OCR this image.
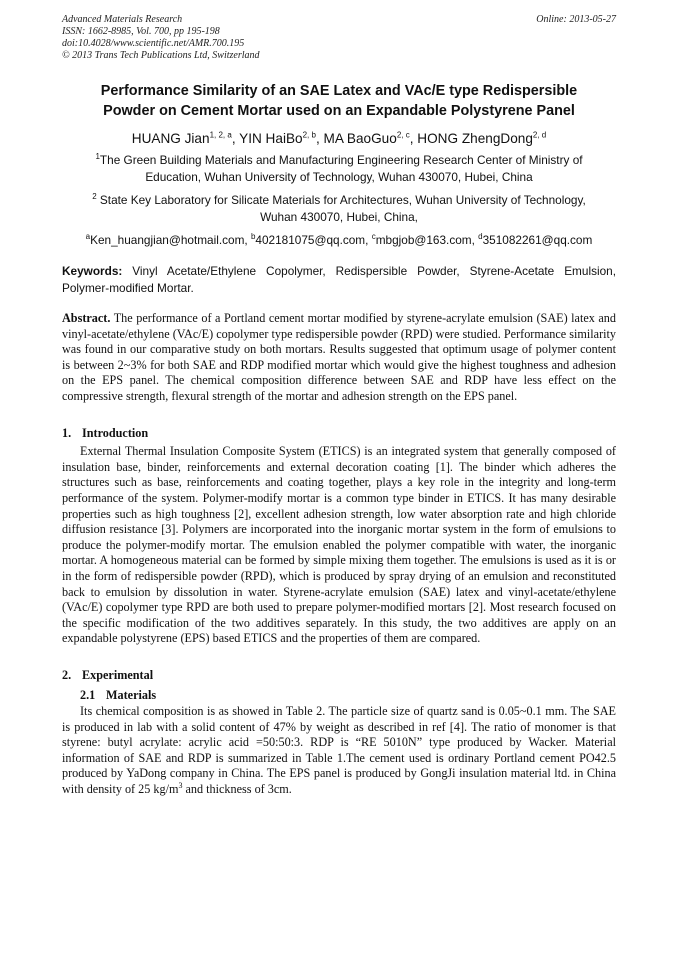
Advanced Materials Research
ISSN: 1662-8985, Vol. 700, pp 195-198
doi:10.4028/www.scientific.net/AMR.700.195
© 2013 Trans Tech Publications Ltd, Switzerland
Online: 2013-05-27
Performance Similarity of an SAE Latex and VAc/E type Redispersible
Powder on Cement Mortar used on an Expandable Polystyrene Panel
HUANG Jian$^{1, 2, a}$, YIN HaiBo$^{2, b}$, MA BaoGuo$^{2, c}$, HONG ZhengDong$^{2, d}$
$^1$The Green Building Materials and Manufacturing Engineering Research Center of Ministry of
Education, Wuhan University of Technology, Wuhan 430070, Hubei, China
$^2$ State Key Laboratory for Silicate Materials for Architectures, Wuhan University of Technology,
Wuhan 430070, Hubei, China,
$^a$Ken_huangjian@hotmail.com, $^b$402181075@qq.com, $^c$mbgjob@163.com, $^d$351082261@qq.com
Keywords: Vinyl Acetate/Ethylene Copolymer, Redispersible Powder, Styrene-Acetate Emulsion, Polymer-modified Mortar.
Abstract. The performance of a Portland cement mortar modified by styrene-acrylate emulsion (SAE) latex and vinyl-acetate/ethylene (VAc/E) copolymer type redispersible powder (RPD) were studied. Performance similarity was found in our comparative study on both mortars. Results suggested that optimum usage of polymer content is between 2~3% for both SAE and RDP modified mortar which would give the highest toughness and adhesion on the EPS panel. The chemical composition difference between SAE and RDP have less effect on the compressive strength, flexural strength of the mortar and adhesion strength on the EPS panel.
1. Introduction

External Thermal Insulation Composite System (ETICS) is an integrated system that generally composed of insulation base, binder, reinforcements and external decoration coating [1]. The binder which adheres the structures such as base, reinforcements and coating together, plays a key role in the integrity and long-term performance of the system. Polymer-modify mortar is a common type binder in ETICS. It has many desirable properties such as high toughness [2], excellent adhesion strength, low water absorption rate and high chloride diffusion resistance [3]. Polymers are incorporated into the inorganic mortar system in the form of emulsions to produce the polymer-modify mortar. The emulsion enabled the polymer compatible with water, the inorganic mortar. A homogeneous material can be formed by simple mixing them together. The emulsions is used as it is or in the form of redispersible powder (RPD), which is produced by spray drying of an emulsion and reconstituted back to emulsion by dissolution in water. Styrene-acrylate emulsion (SAE) latex and vinyl-acetate/ethylene (VAc/E) copolymer type RPD are both used to prepare polymer-modified mortars [2]. Most research focused on the specific modification of the two additives separately. In this study, the two additives are apply on an expandable polystyrene (EPS) based ETICS and the properties of them are compared.

2. Experimental
2.1 Materials

Its chemical composition is as showed in Table 2. The particle size of quartz sand is 0.05~0.1 mm. The SAE is produced in lab with a solid content of 47% by weight as described in ref [4]. The ratio of monomer is that styrene: butyl acrylate: acrylic acid =50:50:3. RDP is “RE 5010N” type produced by Wacker. Material information of SAE and RDP is summarized in Table 1.The cement used is ordinary Portland cement PO42.5 produced by YaDong company in China. The EPS panel is produced by GongJi insulation material ltd. in China with density of 25 $kg/m^3$ and thickness of 3cm.
